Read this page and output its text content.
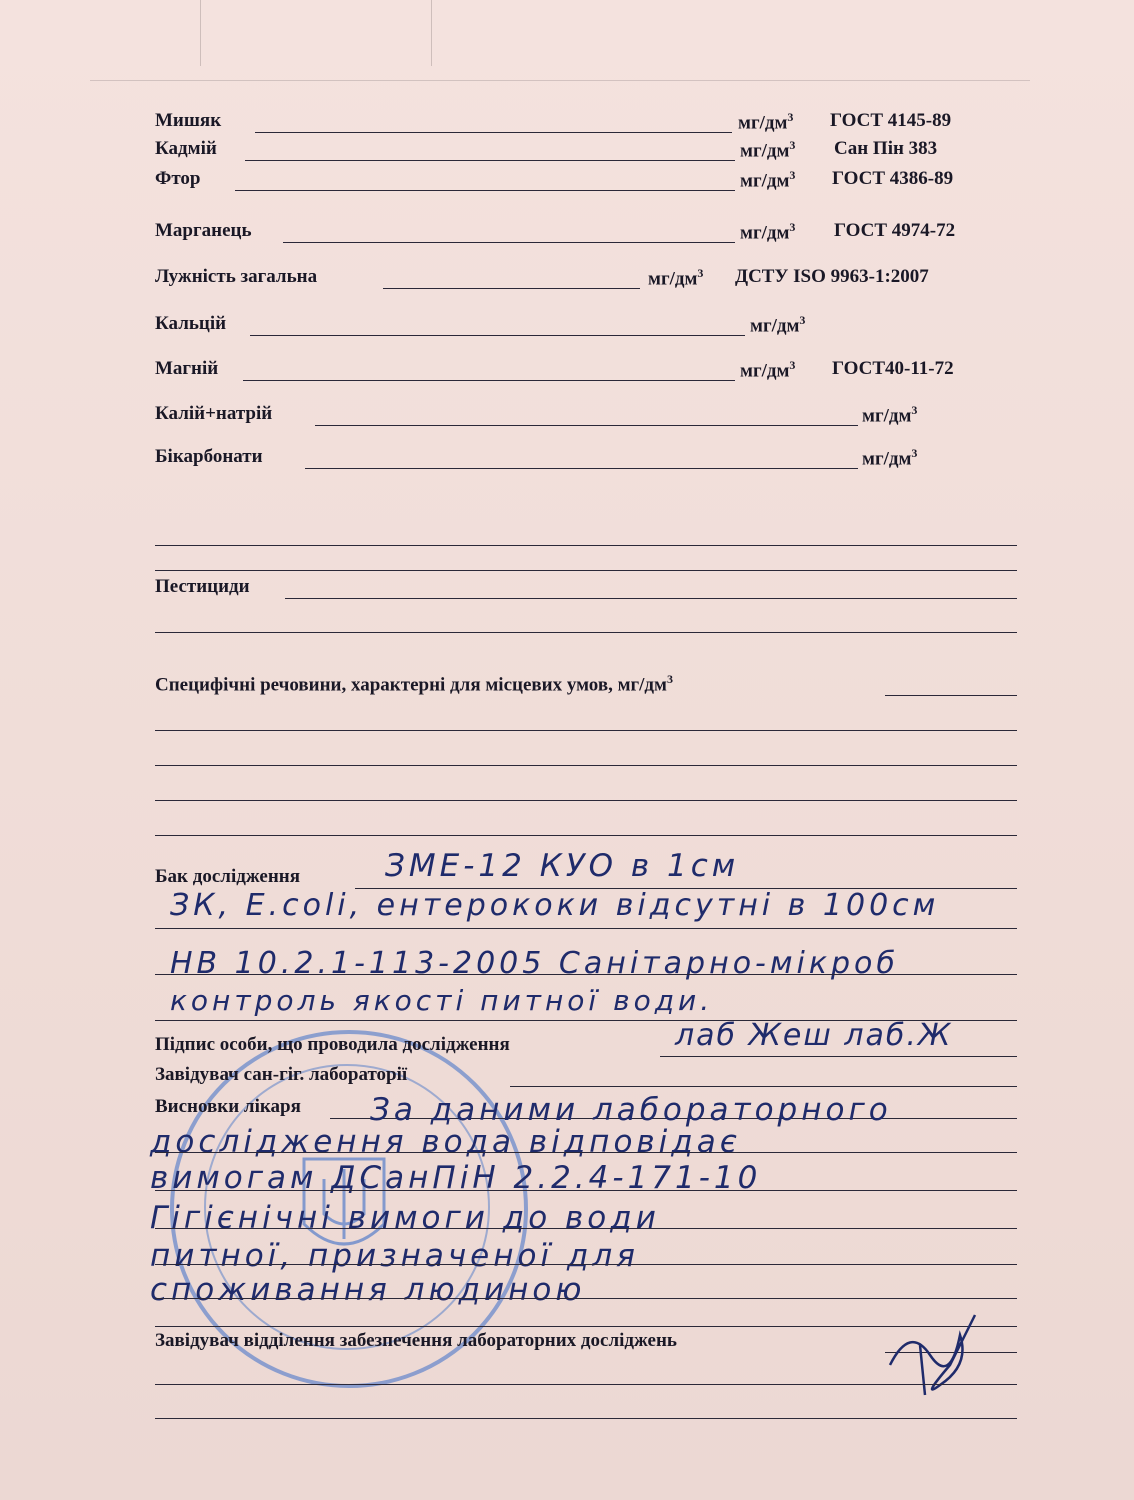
Мишяк	$мг/дм^3$ ГОСТ 4145-89
Кадмій	$мг/дм^3$ Сан Пін 383
Фтор	$мг/дм^3$ ГОСТ 4386-89
Марганець	$мг/дм^3$ ГОСТ 4974-72
Лужність загальна	$мг/дм^3$ ДСТУ ISO 9963-1:2007
Кальцій	$мг/дм^3$
Магній	$мг/дм^3$ ГОСТ40-11-72
Калій+натрій	$мг/дм^3$
Бікарбонати	$мг/дм^3$
Пестициди
Специфічні речовини, характерні для місцевих умов, $мг/дм^3$
Бак дослідження	ЗМЕ-12 КУО в 1см
ЗК, E.coli, ентерококи відсутні в 100см
НВ 10.2.1-113-2005 Санітарно-мікроб
контроль якості питної води.
Підпис особи, що проводила дослідження	лаб Жеш лаб.Ж
Завідувач сан-гіг. лабораторії
Висновки лікаря За даними лабораторного
дослідження вода відповідає
вимогам ДСанПіН 2.2.4-171-10
Гігієнічні вимоги до води
питної, призначеної для
споживання людиною
Завідувач відділення забезпечення лабораторних досліджень
